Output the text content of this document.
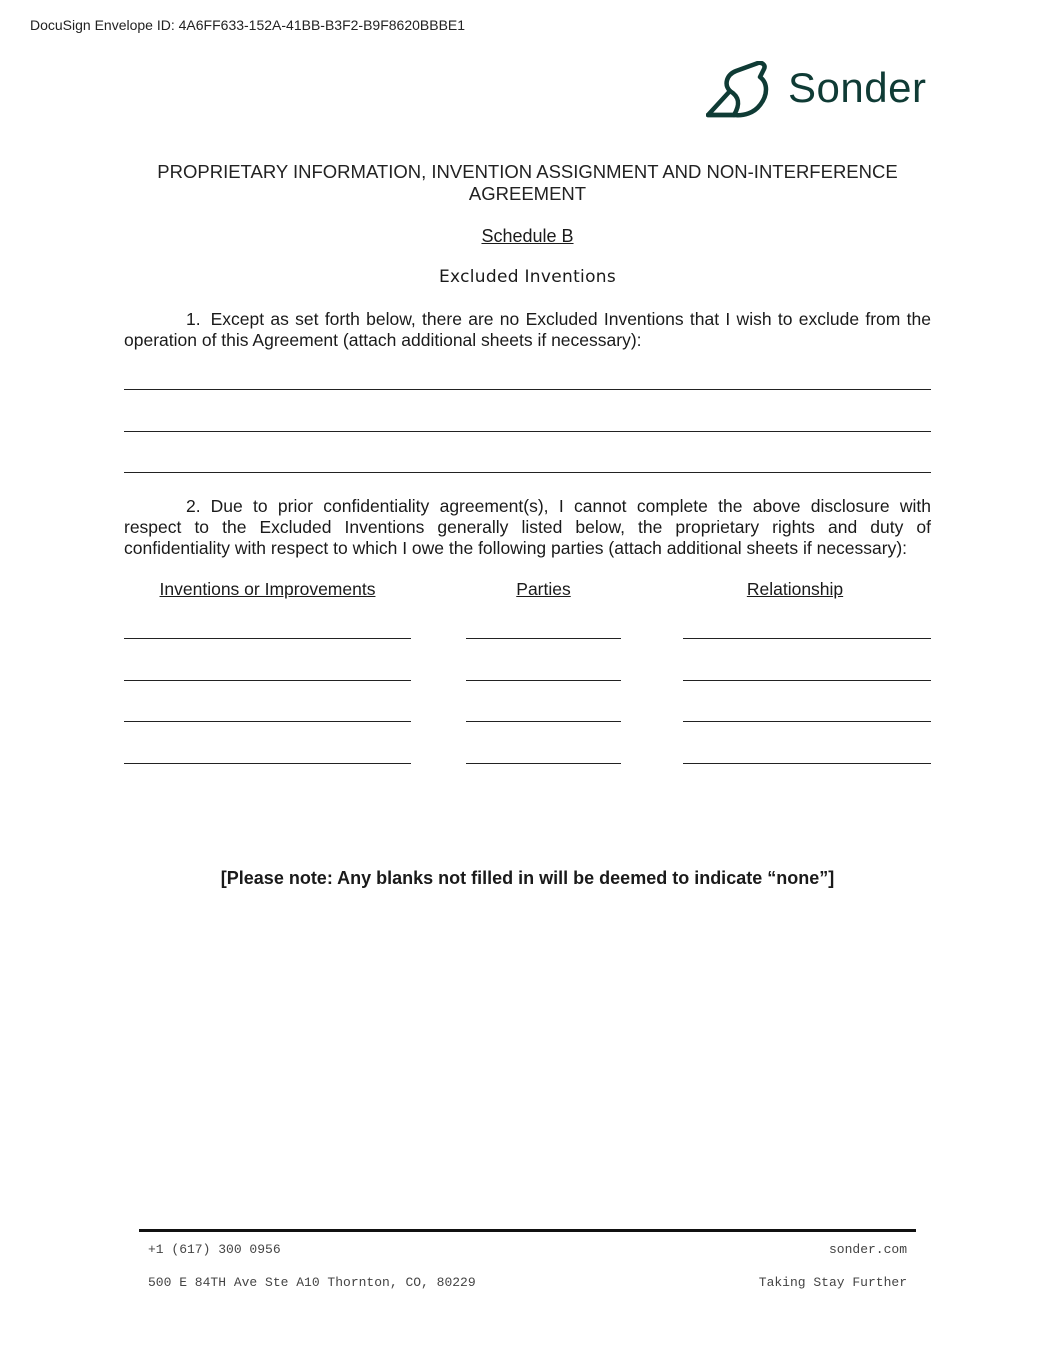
DocuSign Envelope ID: 4A6FF633-152A-41BB-B3F2-B9F8620BBBE1
Sonder
PROPRIETARY INFORMATION, INVENTION ASSIGNMENT AND NON-INTERFERENCE AGREEMENT
Schedule B
Excluded Inventions
1. Except as set forth below, there are no Excluded Inventions that I wish to exclude from the operation of this Agreement (attach additional sheets if necessary):
2. Due to prior confidentiality agreement(s), I cannot complete the above disclosure with respect to the Excluded Inventions generally listed below, the proprietary rights and duty of confidentiality with respect to which I owe the following parties (attach additional sheets if necessary):
Inventions or Improvements	Parties	Relationship
[Please note: Any blanks not filled in will be deemed to indicate “none”]
+1 (617) 300 0956	sonder.com
500 E 84TH Ave Ste A10 Thornton, CO, 80229	Taking Stay Further
